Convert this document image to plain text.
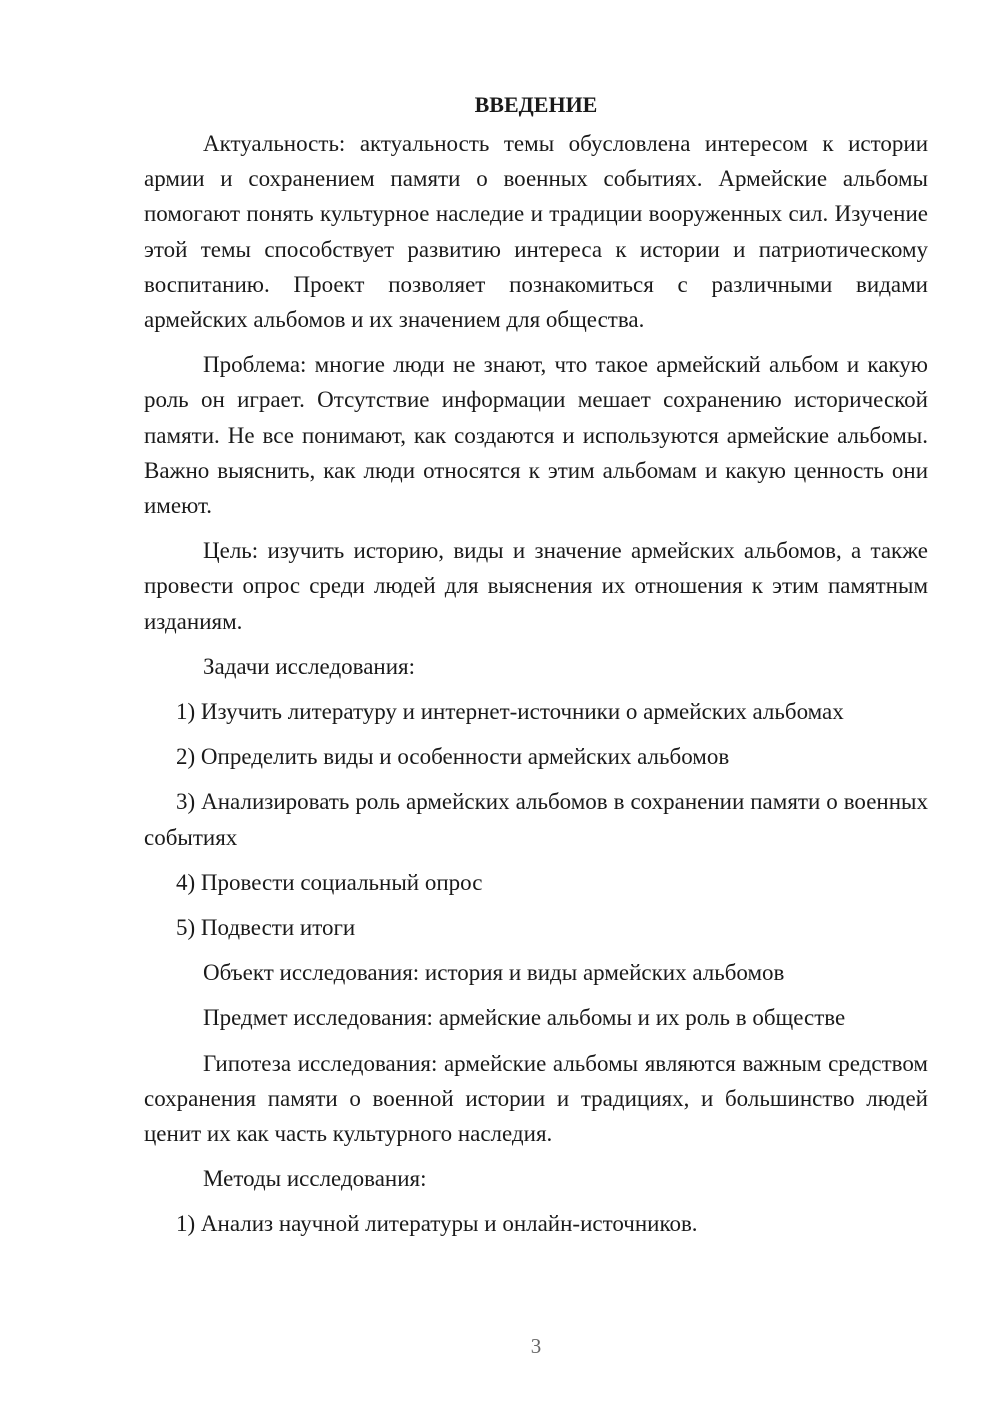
ВВЕДЕНИЕ

Актуальность: актуальность темы обусловлена интересом к истории армии и сохранением памяти о военных событиях. Армейские альбомы помогают понять культурное наследие и традиции вооруженных сил. Изучение этой темы способствует развитию интереса к истории и патриотическому воспитанию. Проект позволяет познакомиться с различными видами армейских альбомов и их значением для общества.

Проблема: многие люди не знают, что такое армейский альбом и какую роль он играет. Отсутствие информации мешает сохранению исторической памяти. Не все понимают, как создаются и используются армейские альбомы. Важно выяснить, как люди относятся к этим альбомам и какую ценность они имеют.

Цель: изучить историю, виды и значение армейских альбомов, а также провести опрос среди людей для выяснения их отношения к этим памятным изданиям.

Задачи исследования:
1) Изучить литературу и интернет-источники о армейских альбомах
2) Определить виды и особенности армейских альбомов

3) Анализировать роль армейских альбомов в сохранении памяти о военных событиях

4) Провести социальный опрос
5) Подвести итоги
Объект исследования: история и виды армейских альбомов
Предмет исследования: армейские альбомы и их роль в обществе

Гипотеза исследования: армейские альбомы являются важным средством сохранения памяти о военной истории и традициях, и большинство людей ценит их как часть культурного наследия.

Методы исследования:
1) Анализ научной литературы и онлайн-источников.
3
